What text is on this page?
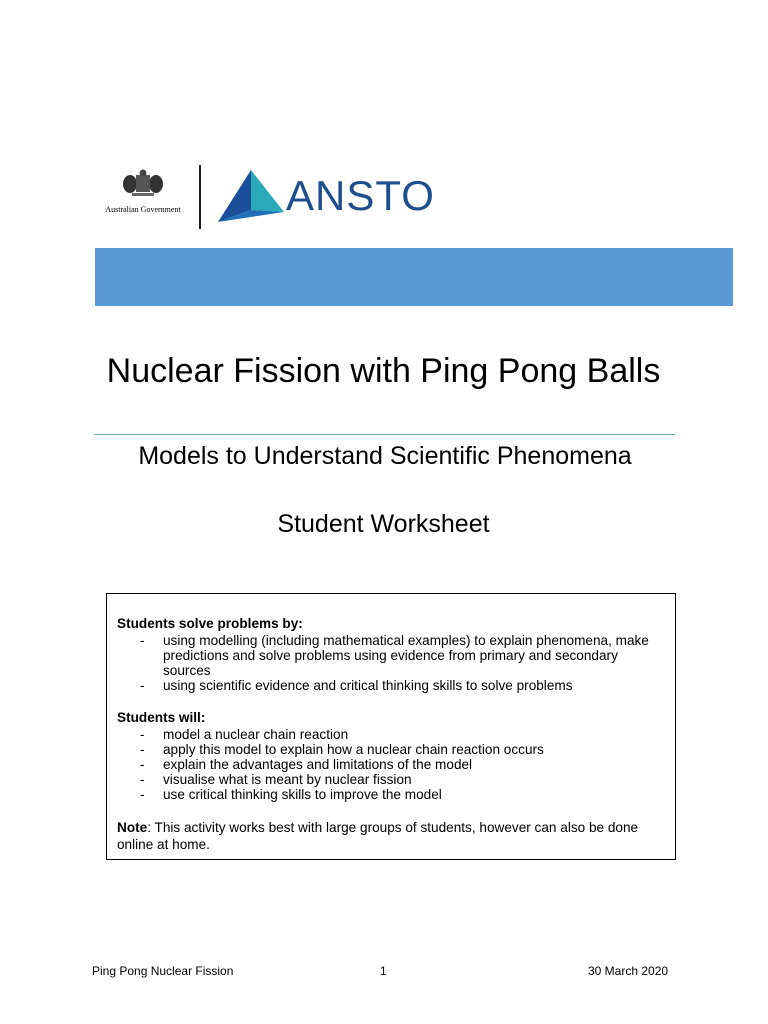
Australian Government	ANSTO
Nuclear Fission with Ping Pong Balls
Models to Understand Scientific Phenomena
Student Worksheet

Students solve problems by:

- using modelling (including mathematical examples) to explain phenomena, make predictions and solve problems using evidence from primary and secondary sources
- using scientific evidence and critical thinking skills to solve problems

Students will:

- model a nuclear chain reaction
- apply this model to explain how a nuclear chain reaction occurs
- explain the advantages and limitations of the model
- visualise what is meant by nuclear fission
- use critical thinking skills to improve the model

Note: This activity works best with large groups of students, however can also be done online at home.

Ping Pong Nuclear Fission	1	30 March 2020
